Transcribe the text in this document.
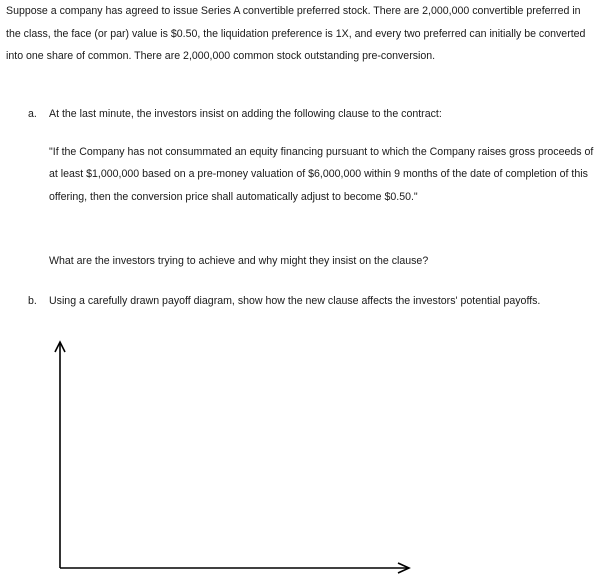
Suppose a company has agreed to issue Series A convertible preferred stock. There are 2,000,000 convertible preferred in the class, the face (or par) value is $0.50, the liquidation preference is 1X, and every two preferred can initially be converted into one share of common. There are 2,000,000 common stock outstanding pre-conversion.

a. At the last minute, the investors insist on adding the following clause to the contract:

"If the Company has not consummated an equity financing pursuant to which the Company raises gross proceeds of at least $1,000,000 based on a pre-money valuation of $6,000,000 within 9 months of the date of completion of this offering, then the conversion price shall automatically adjust to become $0.50."

What are the investors trying to achieve and why might they insist on the clause?

b. Using a carefully drawn payoff diagram, show how the new clause affects the investors' potential payoffs.
